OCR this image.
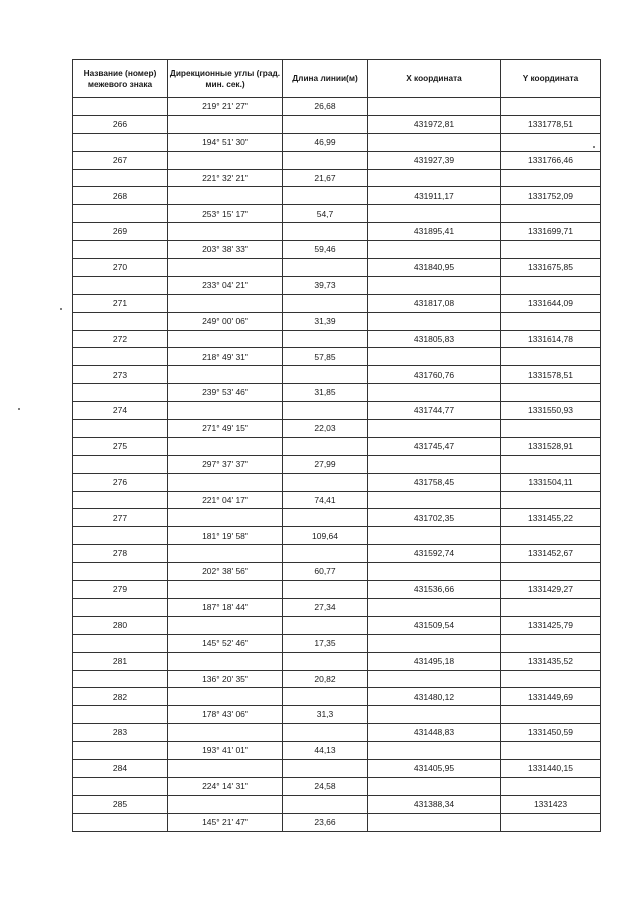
Название (номер) межевого знака	Дирекционные углы (град. мин. сек.)	Длина линии(м)	X координата	Y координата
	219° 21' 27"	26,68		
266			431972,81	1331778,51
	194° 51' 30"	46,99		
267			431927,39	1331766,46
	221° 32' 21"	21,67		
268			431911,17	1331752,09
	253° 15' 17"	54,7		
269			431895,41	1331699,71
	203° 38' 33"	59,46		
270			431840,95	1331675,85
	233° 04' 21"	39,73		
271			431817,08	1331644,09
	249° 00' 06"	31,39		
272			431805,83	1331614,78
	218° 49' 31"	57,85		
273			431760,76	1331578,51
	239° 53' 46"	31,85		
274			431744,77	1331550,93
	271° 49' 15"	22,03		
275			431745,47	1331528,91
	297° 37' 37"	27,99		
276			431758,45	1331504,11
	221° 04' 17"	74,41		
277			431702,35	1331455,22
	181° 19' 58"	109,64		
278			431592,74	1331452,67
	202° 38' 56"	60,77		
279			431536,66	1331429,27
	187° 18' 44"	27,34		
280			431509,54	1331425,79
	145° 52' 46"	17,35		
281			431495,18	1331435,52
	136° 20' 35"	20,82		
282			431480,12	1331449,69
	178° 43' 06"	31,3		
283			431448,83	1331450,59
	193° 41' 01"	44,13		
284			431405,95	1331440,15
	224° 14' 31"	24,58		
285			431388,34	1331423
	145° 21' 47"	23,66		
